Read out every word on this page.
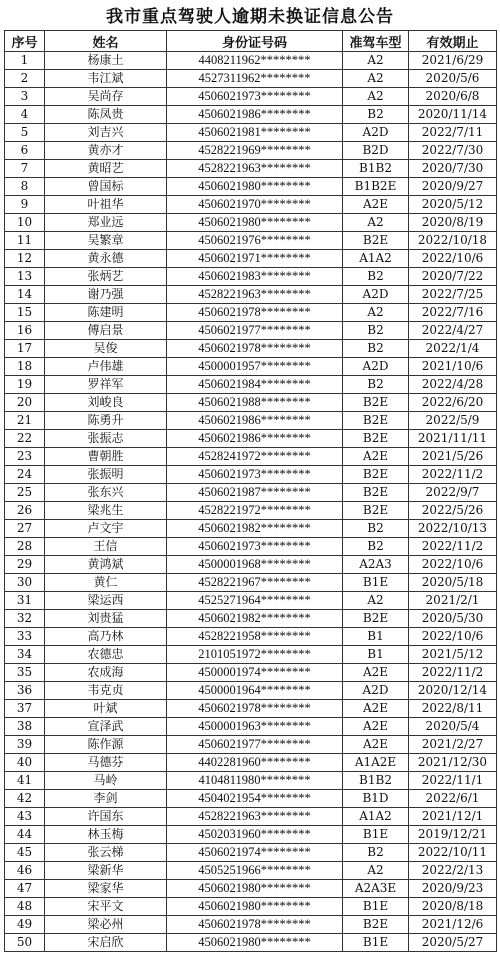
我市重点驾驶人逾期未换证信息公告
序号	姓名	身份证号码	准驾车型	有效期止
1	杨康土	4408211962********	A2	2021/6/29
2	韦江斌	4527311962********	A2	2020/5/6
3	吴尚存	4506021973********	A2	2020/6/8
4	陈凤贵	4506021986********	B2	2020/11/14
5	刘吉兴	4506021981********	A2D	2022/7/11
6	黄亦才	4528221969********	B2D	2022/7/30
7	黄昭艺	4528221963********	B1B2	2020/7/30
8	曾国标	4506021980********	B1B2E	2020/9/27
9	叶祖华	4506021970********	A2E	2020/5/12
10	郑业远	4506021980********	A2	2020/8/19
11	吴繁章	4506021976********	B2E	2022/10/18
12	黄永德	4506021971********	A1A2	2022/10/6
13	张炳艺	4506021983********	B2	2020/7/22
14	谢乃强	4528221963********	A2D	2022/7/25
15	陈建明	4506021978********	A2	2022/7/16
16	傅启景	4506021977********	B2	2022/4/27
17	吴俊	4506021978********	B2	2022/1/4
18	卢伟雄	4500001957********	A2D	2021/10/6
19	罗祥军	4506021984********	B2	2022/4/28
20	刘峻良	4506021988********	B2E	2022/6/20
21	陈勇升	4506021986********	B2E	2022/5/9
22	张振志	4506021986********	B2E	2021/11/11
23	曹朝胜	4528241972********	A2E	2021/5/26
24	张振明	4506021973********	B2E	2022/11/2
25	张东兴	4506021987********	B2E	2022/9/7
26	梁兆生	4528221972********	B2E	2022/5/26
27	卢文宇	4506021982********	B2	2022/10/13
28	王信	4506021973********	B2	2022/11/2
29	黄鸿斌	4500001968********	A2A3	2022/10/6
30	黄仁	4528221967********	B1E	2020/5/18
31	梁运西	4525271964********	A2	2021/2/1
32	刘贵猛	4506021982********	B2E	2020/5/30
33	高乃林	4528221958********	B1	2022/10/6
34	农德忠	2101051972********	B1	2021/5/12
35	农成海	4500001974********	A2E	2022/11/2
36	韦克贞	4500001964********	A2D	2020/12/14
37	叶斌	4506021978********	A2E	2022/8/11
38	宣泽武	4500001963********	A2E	2020/5/4
39	陈作源	4506021977********	A2E	2021/2/27
40	马德芬	4402281960********	A1A2E	2021/12/30
41	马岭	4104811980********	B1B2	2022/11/1
42	李剑	4504021954********	B1D	2022/6/1
43	许国东	4528221963********	A1A2	2021/12/1
44	林玉梅	4502031960********	B1E	2019/12/21
45	张云梯	4506021974********	B2	2022/10/11
46	梁新华	4505251966********	A2	2022/2/13
47	梁家华	4506021980********	A2A3E	2020/9/23
48	宋平文	4506021980********	B1E	2020/8/18
49	梁必州	4506021978********	B2E	2021/12/6
50	宋启欣	4506021980********	B1E	2020/5/27
